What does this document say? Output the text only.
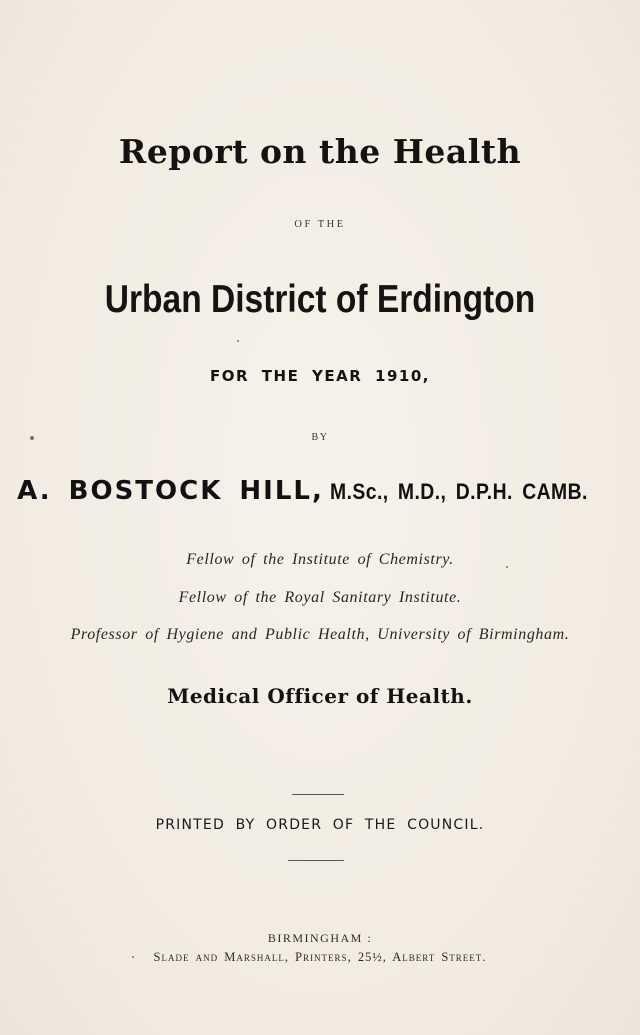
Report on the Health
OF THE
Urban District of Erdington
FOR THE YEAR 1910,
BY
A. BOSTOCK HILL, M.Sc., M.D., D.P.H. CAMB.
Fellow of the Institute of Chemistry.
Fellow of the Royal Sanitary Institute.
Professor of Hygiene and Public Health, University of Birmingham.
Medical Officer of Health.
PRINTED BY ORDER OF THE COUNCIL.
BIRMINGHAM :
Slade and Marshall, Printers, 25½, Albert Street.
